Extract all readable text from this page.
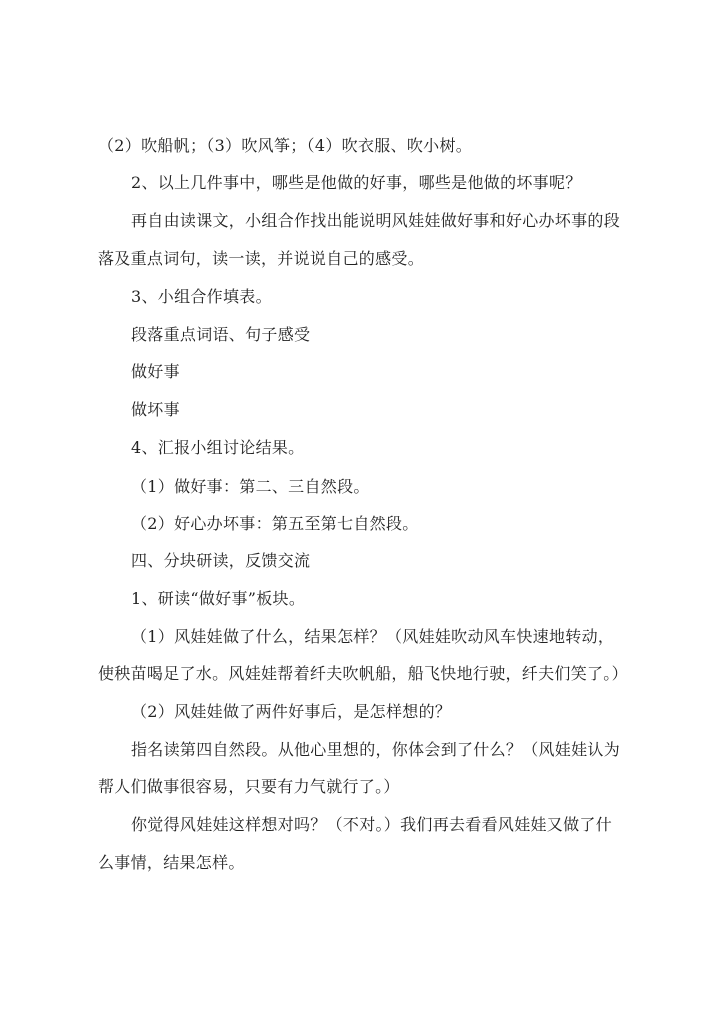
（2）吹船帆；（3）吹风筝；（4）吹衣服、吹小树。
2、以上几件事中，哪些是他做的好事，哪些是他做的坏事呢？
再自由读课文，小组合作找出能说明风娃娃做好事和好心办坏事的段
落及重点词句，读一读，并说说自己的感受。
3、小组合作填表。
段落重点词语、句子感受
做好事
做坏事
4、汇报小组讨论结果。
（1）做好事：第二、三自然段。
（2）好心办坏事：第五至第七自然段。
四、分块研读，反馈交流
1、研读“做好事”板块。
（1）风娃娃做了什么，结果怎样？（风娃娃吹动风车快速地转动，
使秧苗喝足了水。风娃娃帮着纤夫吹帆船，船飞快地行驶，纤夫们笑了。）
（2）风娃娃做了两件好事后，是怎样想的？
指名读第四自然段。从他心里想的，你体会到了什么？（风娃娃认为
帮人们做事很容易，只要有力气就行了。）
你觉得风娃娃这样想对吗？（不对。）我们再去看看风娃娃又做了什
么事情，结果怎样。
